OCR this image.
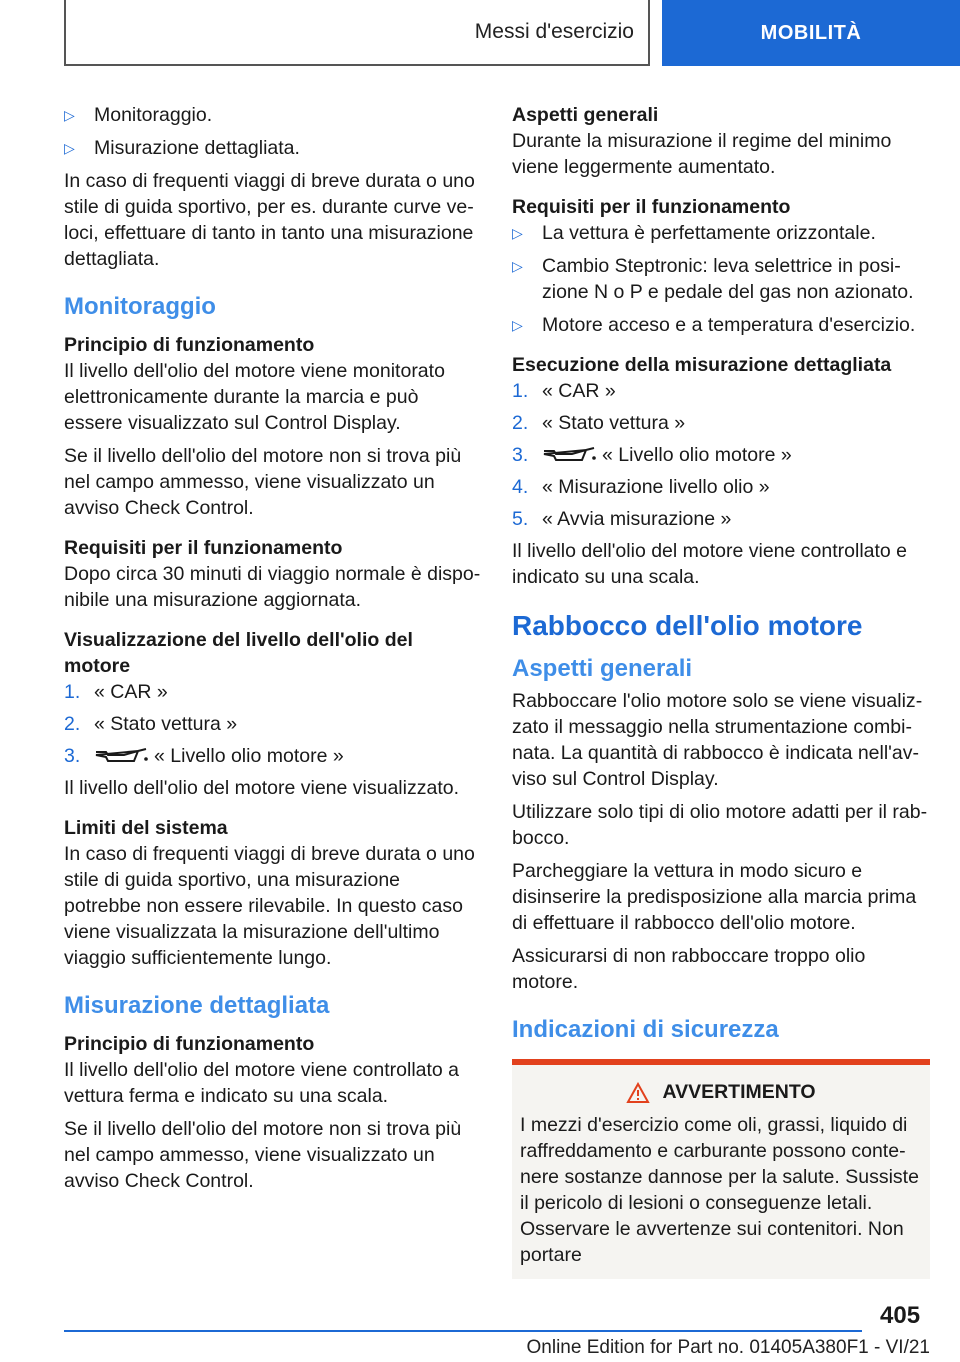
Messi d'esercizio	MOBILITÀ
▷ Monitoraggio.
▷ Misurazione dettagliata.

In caso di frequenti viaggi di breve durata o uno stile di guida sportivo, per es. durante curve veloci, effettuare di tanto in tanto una misurazione dettagliata.

Monitoraggio
Principio di funzionamento

Il livello dell'olio del motore viene monitorato elettronicamente durante la marcia e può essere visualizzato sul Control Display.

Se il livello dell'olio del motore non si trova più nel campo ammesso, viene visualizzato un avviso Check Control.

Requisiti per il funzionamento

Dopo circa 30 minuti di viaggio normale è disponibile una misurazione aggiornata.

Visualizzazione del livello dell'olio del motore
1. « CAR »
2. « Stato vettura »
3.	« Livello olio motore »

Il livello dell'olio del motore viene visualizzato.

Limiti del sistema

In caso di frequenti viaggi di breve durata o uno stile di guida sportivo, una misurazione potrebbe non essere rilevabile. In questo caso viene visualizzata la misurazione dell'ultimo viaggio sufficientemente lungo.

Misurazione dettagliata
Principio di funzionamento

Il livello dell'olio del motore viene controllato a vettura ferma e indicato su una scala.

Se il livello dell'olio del motore non si trova più nel campo ammesso, viene visualizzato un avviso Check Control.

Aspetti generali

Durante la misurazione il regime del minimo viene leggermente aumentato.

Requisiti per il funzionamento
▷ La vettura è perfettamente orizzontale.
▷ Cambio Steptronic: leva selettrice in posizione N o P e pedale del gas non azionato.
▷ Motore acceso e a temperatura d'esercizio.
Esecuzione della misurazione dettagliata
1. « CAR »
2. « Stato vettura »
3.	« Livello olio motore »
4. « Misurazione livello olio »
5. « Avvia misurazione »

Il livello dell'olio del motore viene controllato e indicato su una scala.

Rabbocco dell'olio motore
Aspetti generali

Rabboccare l'olio motore solo se viene visualizzato il messaggio nella strumentazione combinata. La quantità di rabbocco è indicata nell'avviso sul Control Display.

Utilizzare solo tipi di olio motore adatti per il rabbocco.

Parcheggiare la vettura in modo sicuro e disinserire la predisposizione alla marcia prima di effettuare il rabbocco dell'olio motore.

Assicurarsi di non rabboccare troppo olio motore.

Indicazioni di sicurezza
AVVERTIMENTO

I mezzi d'esercizio come oli, grassi, liquido di raffreddamento e carburante possono contenere sostanze dannose per la salute. Sussiste il pericolo di lesioni o conseguenze letali. Osservare le avvertenze sui contenitori. Non portare

405
Online Edition for Part no. 01405A380F1 - VI/21
